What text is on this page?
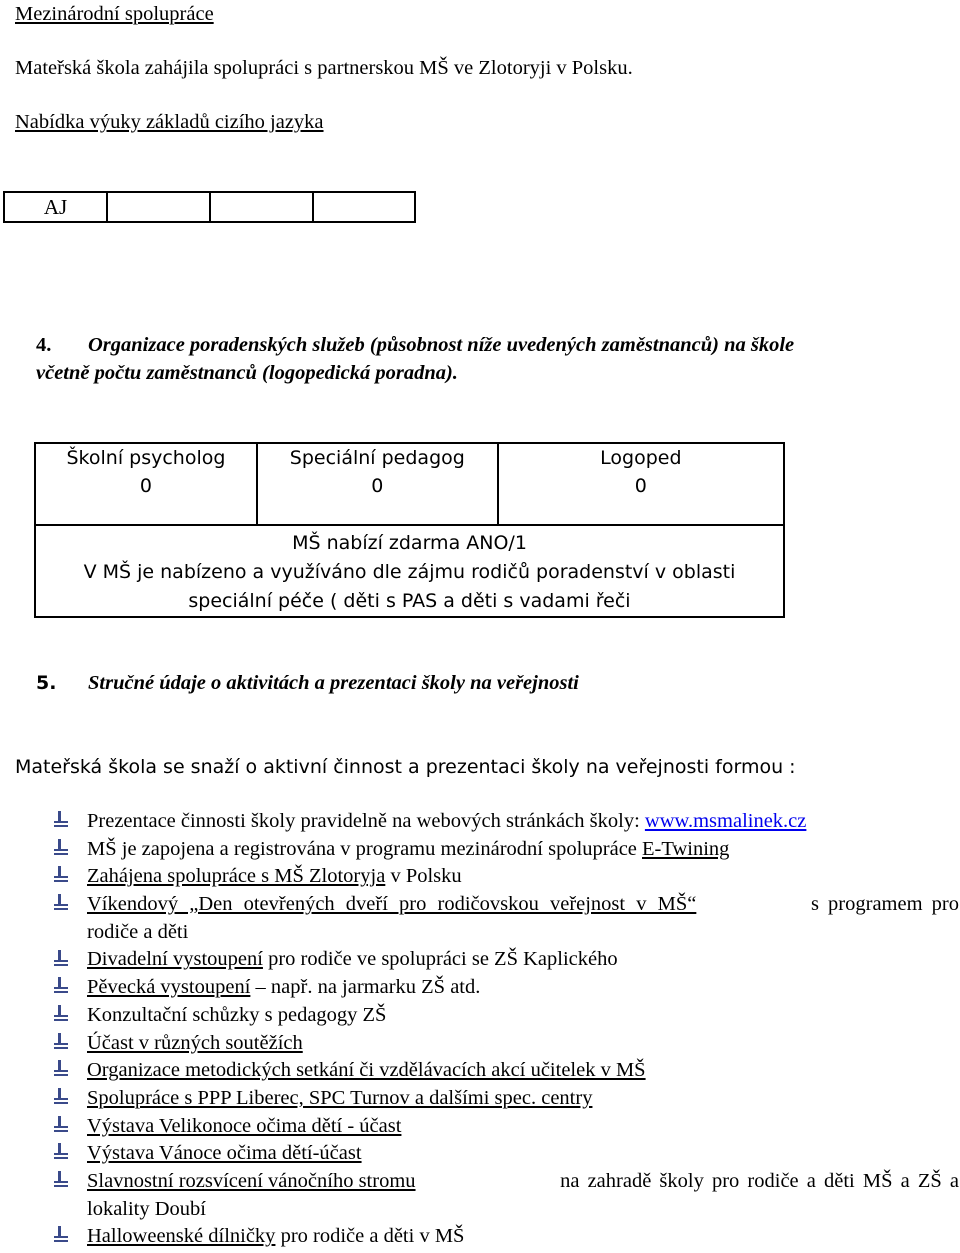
Mezinárodní spolupráce
Mateřská škola zahájila spolupráci s partnerskou MŠ ve Zlotoryji v Polsku.
Nabídka výuky základů cizího jazyka
AJ			
4. Organizace poradenských služeb (působnost níže uvedených zaměstnanců) na škole
včetně počtu zaměstnanců (logopedická poradna).
Školní psycholog	Speciální pedagog	Logoped
0	0	0

MŠ nabízí zdarma ANO/1
V MŠ je nabízeno a využíváno dle zájmu rodičů poradenství v oblasti
speciální péče ( děti s PAS a děti s vadami řeči		
5. Stručné údaje o aktivitách a prezentaci školy na veřejnosti
Mateřská škola se snaží o aktivní činnost a prezentaci školy na veřejnosti formou :
Prezentace činnosti školy pravidelně na webových stránkách školy: www.msmalinek.cz
MŠ je zapojena a registrována v programu mezinárodní spolupráce E-Twining
Zahájena spolupráce s MŠ Zlotoryja v Polsku
Víkendový „Den otevřených dveří pro rodičovskou veřejnost v MŠ“	s programem pro
rodiče a děti
Divadelní vystoupení pro rodiče ve spolupráci se ZŠ Kaplického
Pěvecká vystoupení – např. na jarmarku ZŠ atd.
Konzultační schůzky s pedagogy ZŠ
Účast v různých soutěžích
Organizace metodických setkání či vzdělávacích akcí učitelek v MŠ
Spolupráce s PPP Liberec, SPC Turnov a dalšími spec. centry
Výstava Velikonoce očima dětí - účast
Výstava Vánoce očima dětí-účast
Slavnostní rozsvícení vánočního stromu	na zahradě školy pro rodiče a děti MŠ a ZŠ a
lokality Doubí
Halloweenské dílničky pro rodiče a děti v MŠ
